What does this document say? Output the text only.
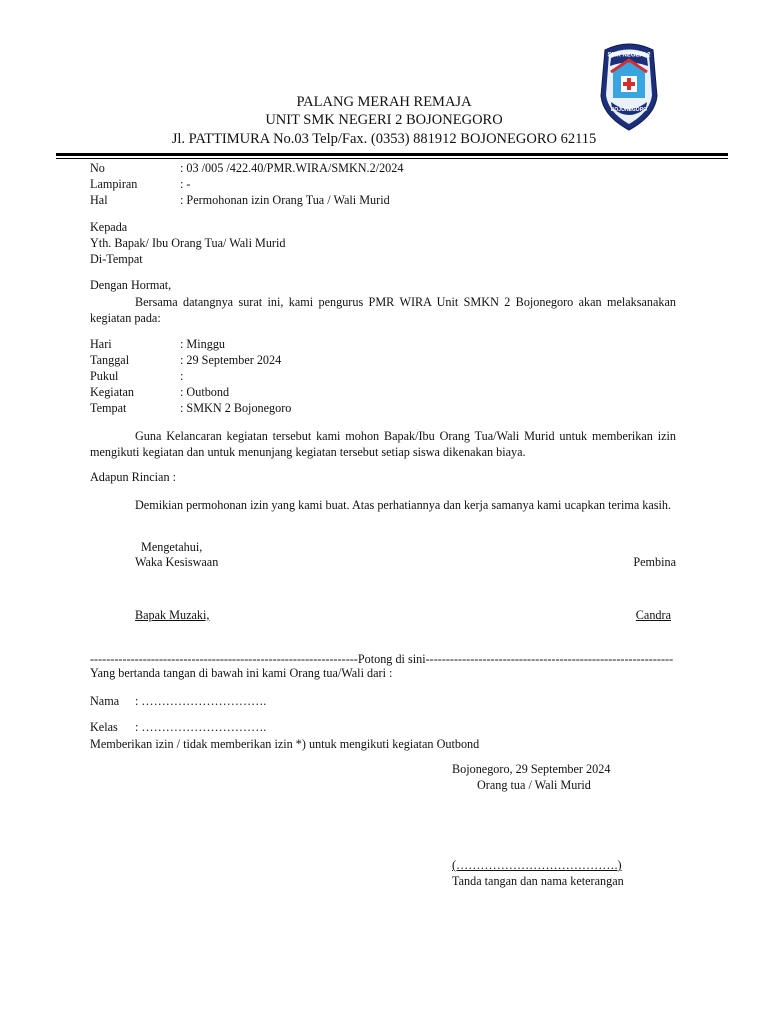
SMK NEGERI 2
BOJONEGORO
PALANG MERAH REMAJA
UNIT SMK NEGERI 2 BOJONEGORO
Jl. PATTIMURA No.03 Telp/Fax. (0353) 881912 BOJONEGORO 62115
No	: 03 /005 /422.40/PMR.WIRA/SMKN.2/2024
Lampiran	: -
Hal	: Permohonan izin Orang Tua / Wali Murid
Kepada
Yth. Bapak/ Ibu Orang Tua/ Wali Murid
Di-Tempat
Dengan Hormat,
Bersama datangnya surat ini, kami pengurus PMR WIRA Unit SMKN 2 Bojonegoro akan melaksanakan kegiatan pada:
Hari	: Minggu
Tanggal	: 29 September 2024
Pukul	:
Kegiatan	: Outbond
Tempat	: SMKN 2 Bojonegoro
Guna Kelancaran kegiatan tersebut kami mohon Bapak/Ibu Orang Tua/Wali Murid untuk memberikan izin mengikuti kegiatan dan untuk menunjang kegiatan tersebut setiap siswa dikenakan biaya.
Adapun Rincian :
Demikian permohonan izin yang kami buat. Atas perhatiannya dan kerja samanya kami ucapkan terima kasih.
Mengetahui,
Waka Kesiswaan	Pembina
Bapak Muzaki,	Candra
------------------------------------------------------------------Potong di sini-------------------------------------------------------------
Yang bertanda tangan di bawah ini kami Orang tua/Wali dari :
Nama : ………………………….
Kelas : ………………………….
Memberikan izin / tidak memberikan izin *) untuk mengikuti kegiatan Outbond
Bojonegoro, 29 September 2024
Orang tua / Wali Murid
(………………………………….)
Tanda tangan dan nama keterangan
